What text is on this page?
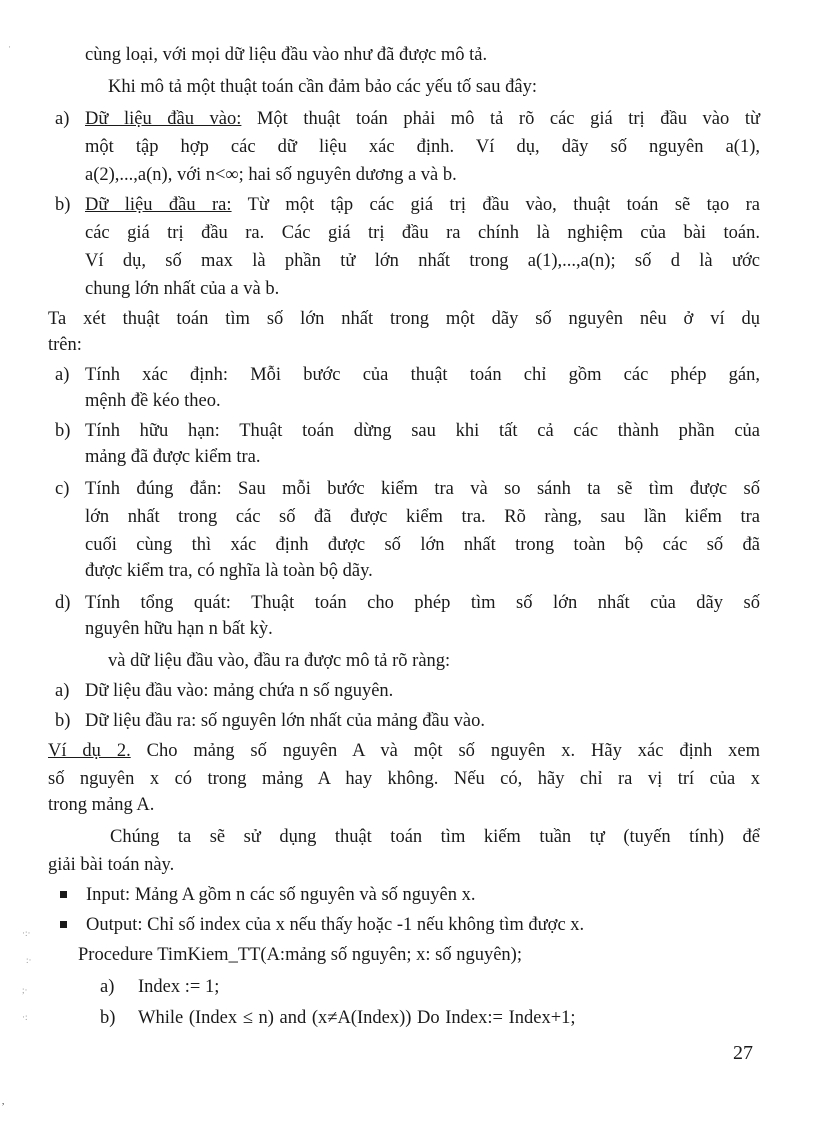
cùng loại, với mọi dữ liệu đầu vào như đã được mô tả.
Khi mô tả một thuật toán cần đảm bảo các yếu tố sau đây:
a) Dữ liệu đầu vào: Một thuật toán phải mô tả rõ các giá trị đầu vào từ
một tập hợp các dữ liệu xác định. Ví dụ, dãy số nguyên a(1),
a(2),...,a(n), với n<∞; hai số nguyên dương a và b.
b) Dữ liệu đầu ra: Từ một tập các giá trị đầu vào, thuật toán sẽ tạo ra
các giá trị đầu ra. Các giá trị đầu ra chính là nghiệm của bài toán.
Ví dụ, số max là phần tử lớn nhất trong a(1),...,a(n); số d là ước
chung lớn nhất của a và b.
Ta xét thuật toán tìm số lớn nhất trong một dãy số nguyên nêu ở ví dụ
trên:
a) Tính xác định: Mỗi bước của thuật toán chỉ gồm các phép gán,
mệnh đề kéo theo.
b) Tính hữu hạn: Thuật toán dừng sau khi tất cả các thành phần của
mảng đã được kiểm tra.
c) Tính đúng đắn: Sau mỗi bước kiểm tra và so sánh ta sẽ tìm được số
lớn nhất trong các số đã được kiểm tra. Rõ ràng, sau lần kiểm tra
cuối cùng thì xác định được số lớn nhất trong toàn bộ các số đã
được kiểm tra, có nghĩa là toàn bộ dãy.
d) Tính tổng quát: Thuật toán cho phép tìm số lớn nhất của dãy số
nguyên hữu hạn n bất kỳ.
và dữ liệu đầu vào, đầu ra được mô tả rõ ràng:
a) Dữ liệu đầu vào: mảng chứa n số nguyên.
b) Dữ liệu đầu ra: số nguyên lớn nhất của mảng đầu vào.
Ví dụ 2. Cho mảng số nguyên A và một số nguyên x. Hãy xác định xem
số nguyên x có trong mảng A hay không. Nếu có, hãy chỉ ra vị trí của x
trong mảng A.
Chúng ta sẽ sử dụng thuật toán tìm kiếm tuần tự (tuyến tính) để
giải bài toán này.
Input: Mảng A gồm n các số nguyên và số nguyên x.
Output: Chỉ số index của x nếu thấy hoặc -1 nếu không tìm được x.
Procedure TimKiem_TT(A:mảng số nguyên; x: số nguyên);
a) Index := 1;
b) While (Index ≤ n) and (x≠A(Index)) Do Index:= Index+1;
27
·
·:·
:·
;·
·:
,
